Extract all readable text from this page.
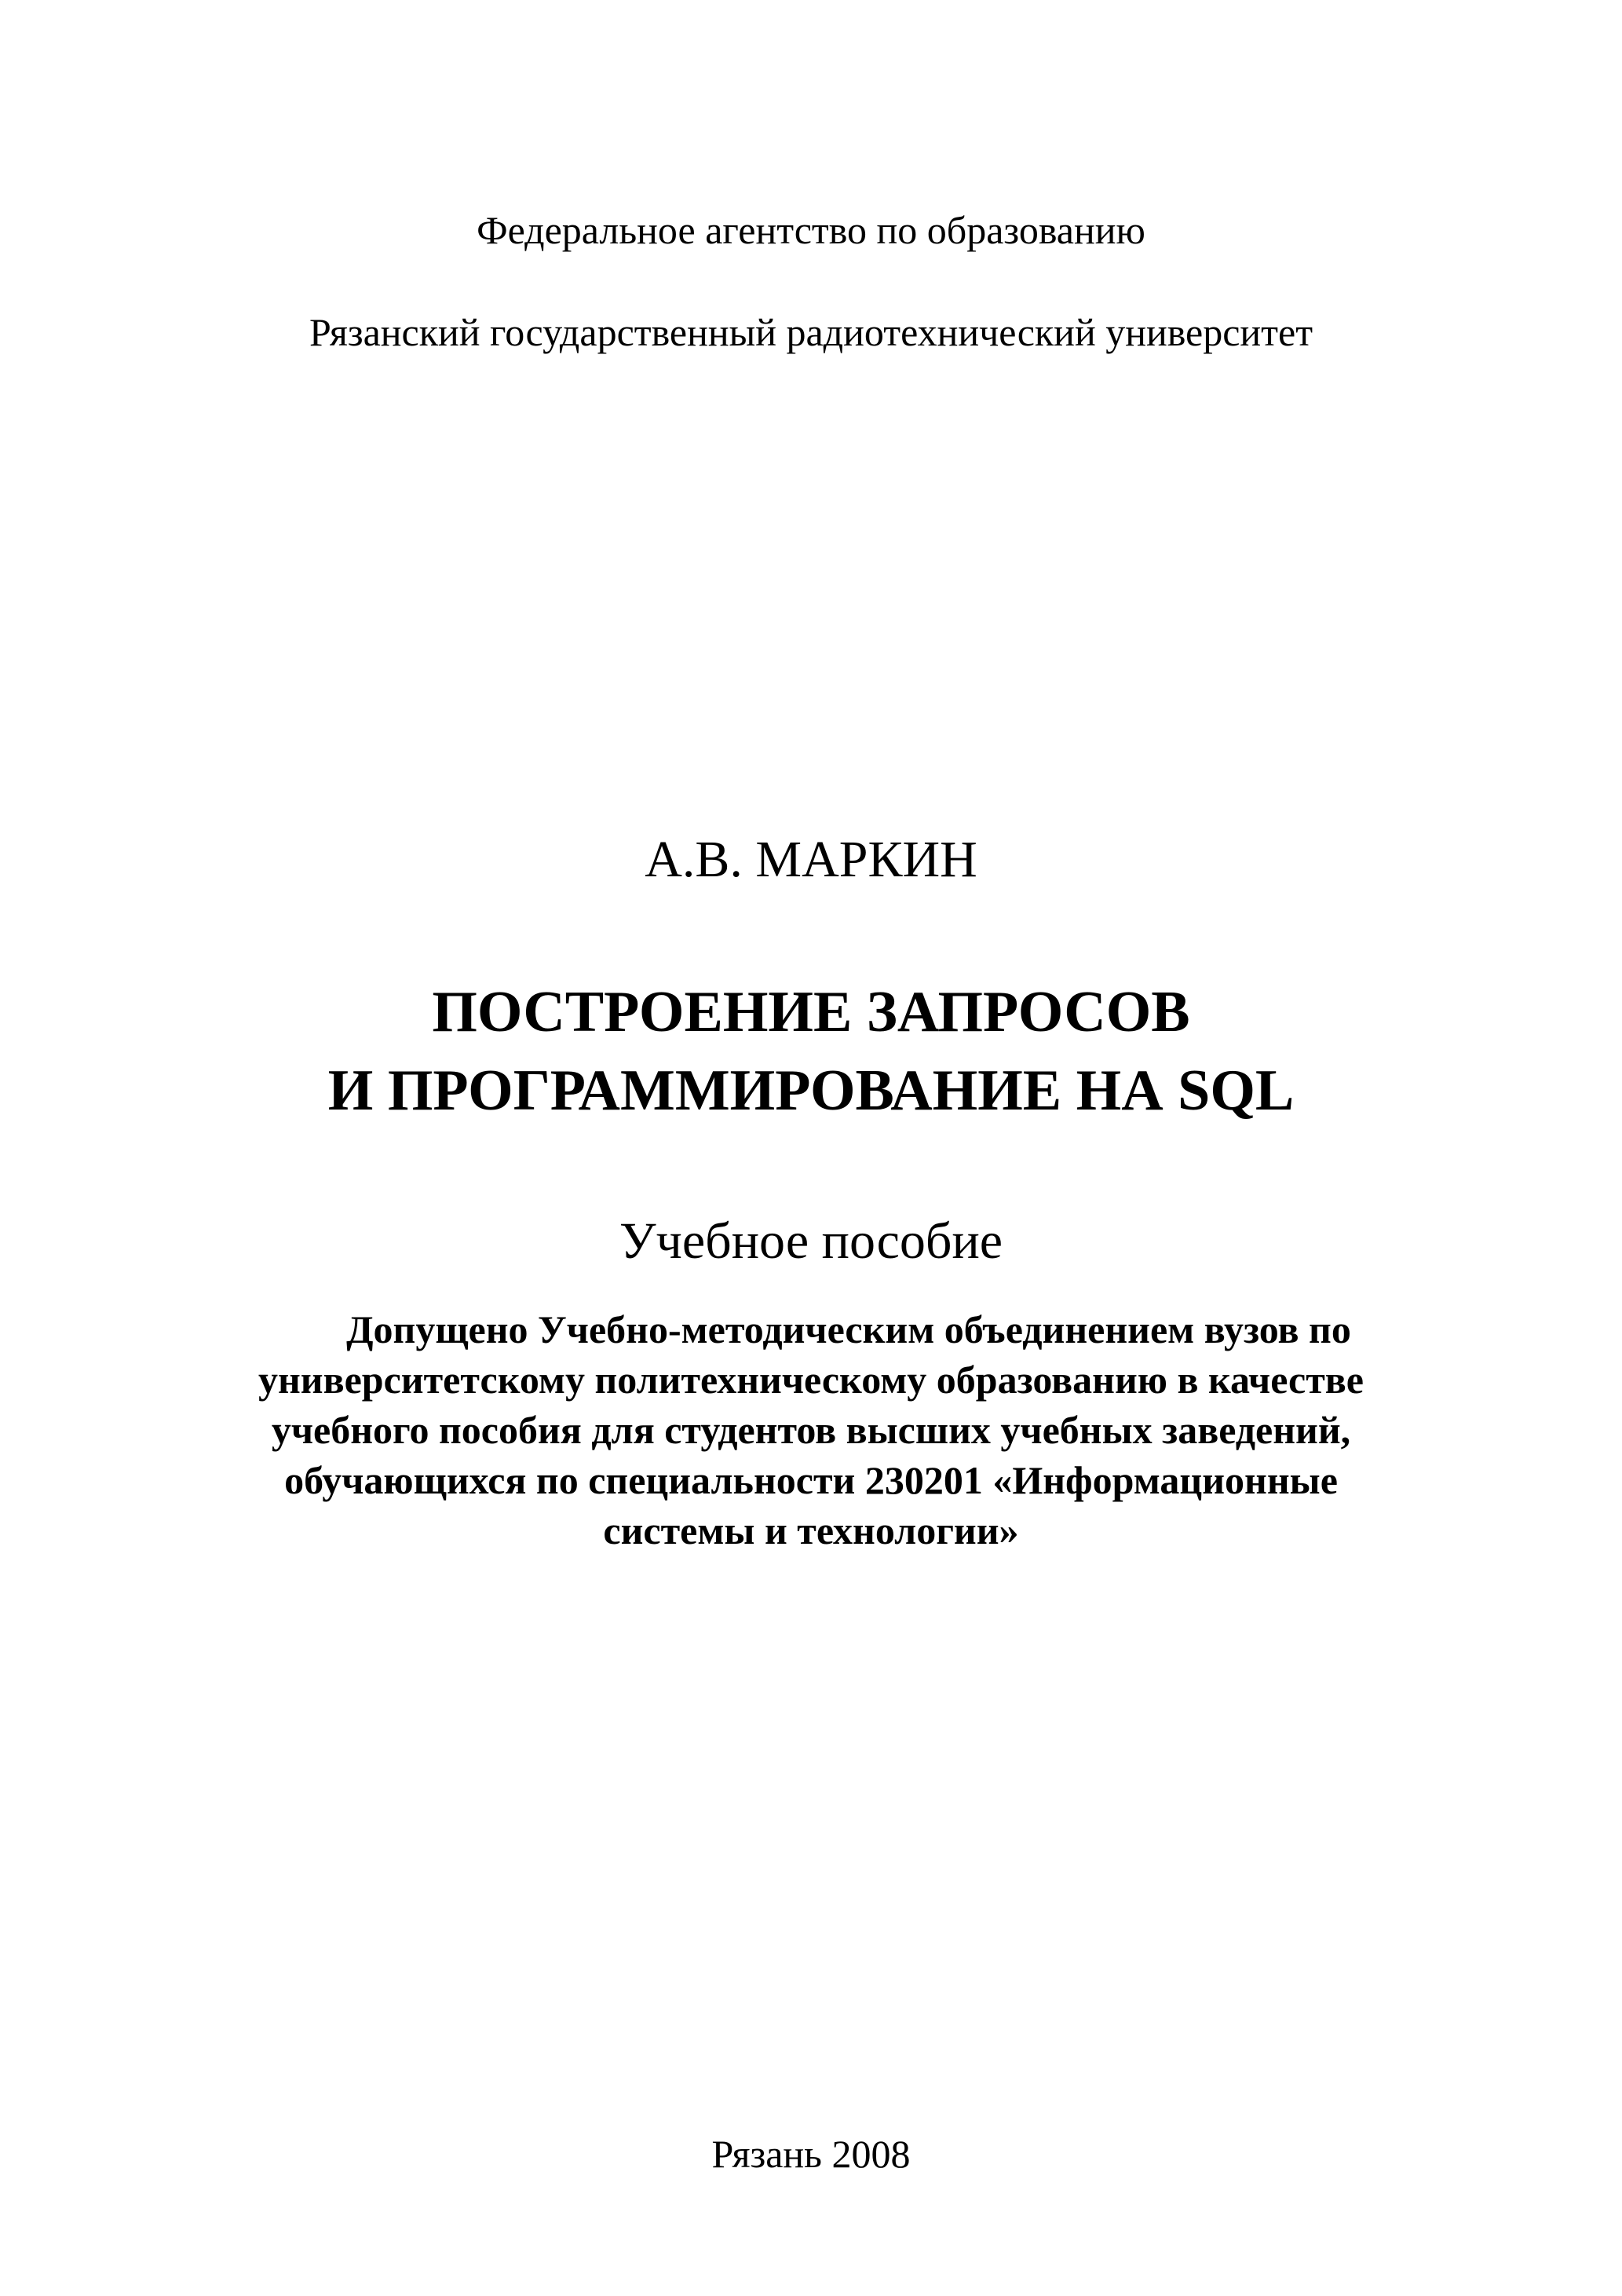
Федеральное агентство по образованию
Рязанский государственный радиотехнический университет
А.В. МАРКИН
ПОСТРОЕНИЕ ЗАПРОСОВ
И ПРОГРАММИРОВАНИЕ НА SQL
Учебное пособие
Допущено Учебно-методическим объединением вузов по
университетскому политехническому образованию в качестве
учебного пособия для студентов высших учебных заведений,
обучающихся по специальности 230201 «Информационные
системы и технологии»
Рязань 2008
